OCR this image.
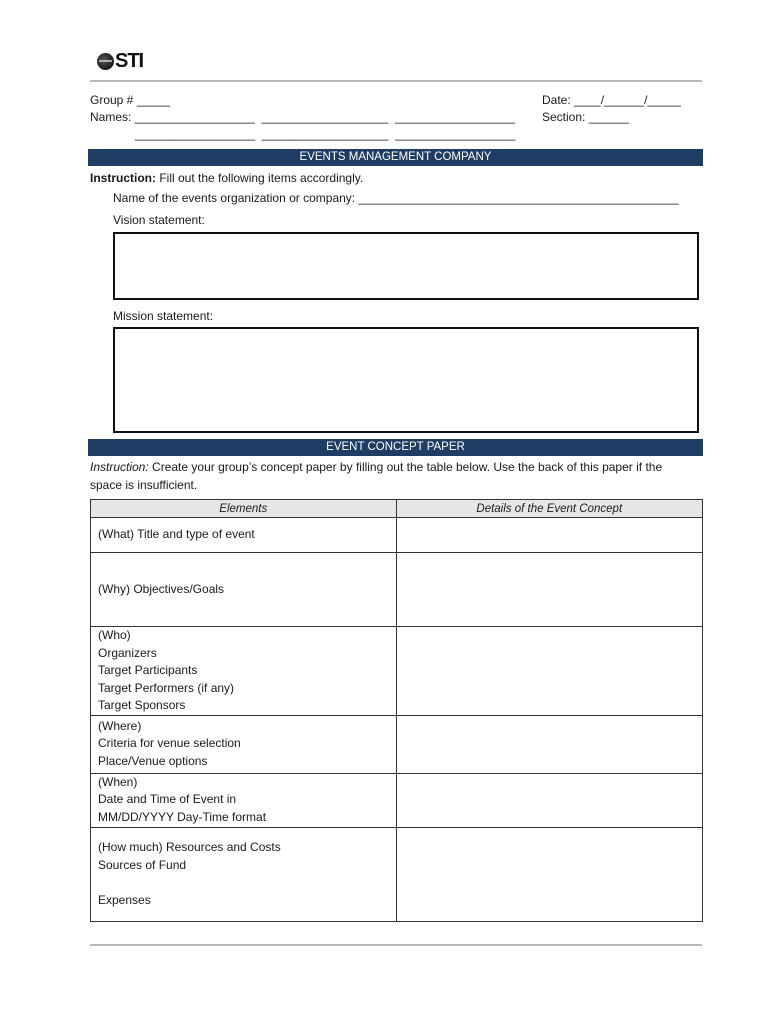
STI
Group # _____
Names: __________________  ___________________  __________________
__________________  ___________________  __________________
Date: ____/______/_____
Section: ______
EVENTS MANAGEMENT COMPANY
Instruction: Fill out the following items accordingly.
Name of the events organization or company: ________________________________________________
Vision statement:
Mission statement:
EVENT CONCEPT PAPER
Instruction: Create your group’s concept paper by filling out the table below. Use the back of this paper if the
space is insufficient.
Elements	Details of the Event Concept

(What) Title and type of event	

(Why) Objectives/Goals	

(Who)
Organizers
Target Participants
Target Performers (if any)
Target Sponsors	

(Where)
Criteria for venue selection
Place/Venue options	

(When)
Date and Time of Event in
MM/DD/YYYY Day-Time format	

(How much) Resources and Costs
Sources of Fund
Expenses	
